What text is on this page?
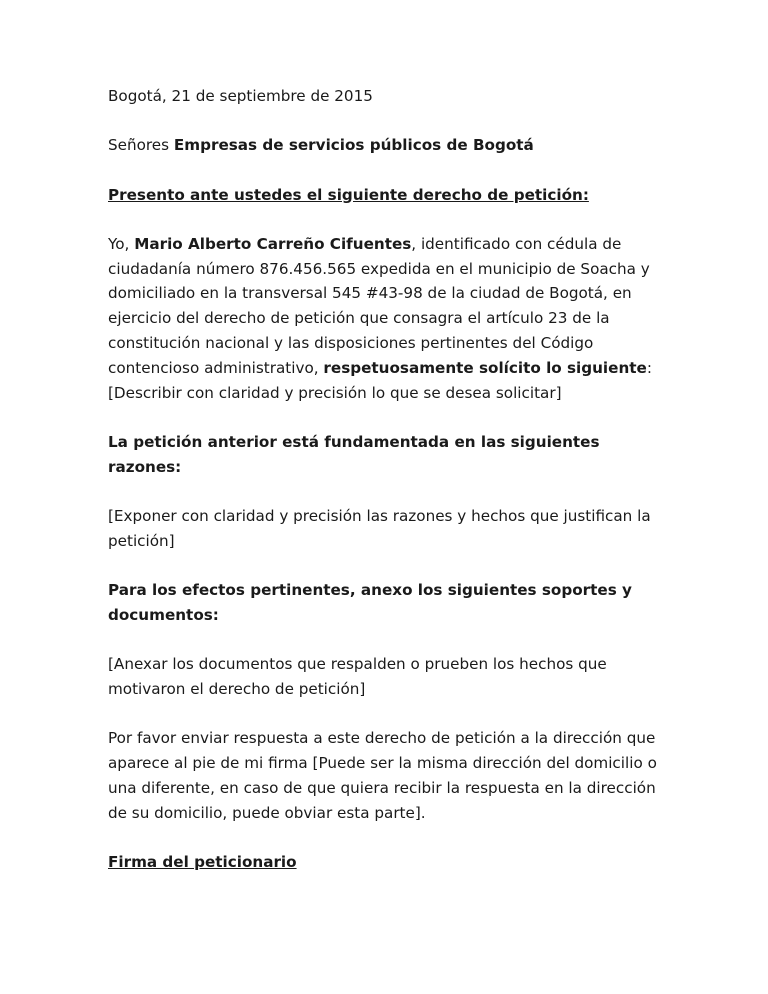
Bogotá, 21 de septiembre de 2015

Señores Empresas de servicios públicos de Bogotá

Presento ante ustedes el siguiente derecho de petición:

Yo, Mario Alberto Carreño Cifuentes, identificado con cédula de ciudadanía número 876.456.565 expedida en el municipio de Soacha y domiciliado en la transversal 545 #43-98 de la ciudad de Bogotá, en ejercicio del derecho de petición que consagra el artículo 23 de la constitución nacional y las disposiciones pertinentes del Código contencioso administrativo, respetuosamente solícito lo siguiente:
[Describir con claridad y precisión lo que se desea solicitar]

La petición anterior está fundamentada en las siguientes razones:

[Exponer con claridad y precisión las razones y hechos que justifican la petición]

Para los efectos pertinentes, anexo los siguientes soportes y documentos:

[Anexar los documentos que respalden o prueben los hechos que motivaron el derecho de petición]

Por favor enviar respuesta a este derecho de petición a la dirección que aparece al pie de mi firma [Puede ser la misma dirección del domicilio o una diferente, en caso de que quiera recibir la respuesta en la dirección de su domicilio, puede obviar esta parte].

Firma del peticionario
